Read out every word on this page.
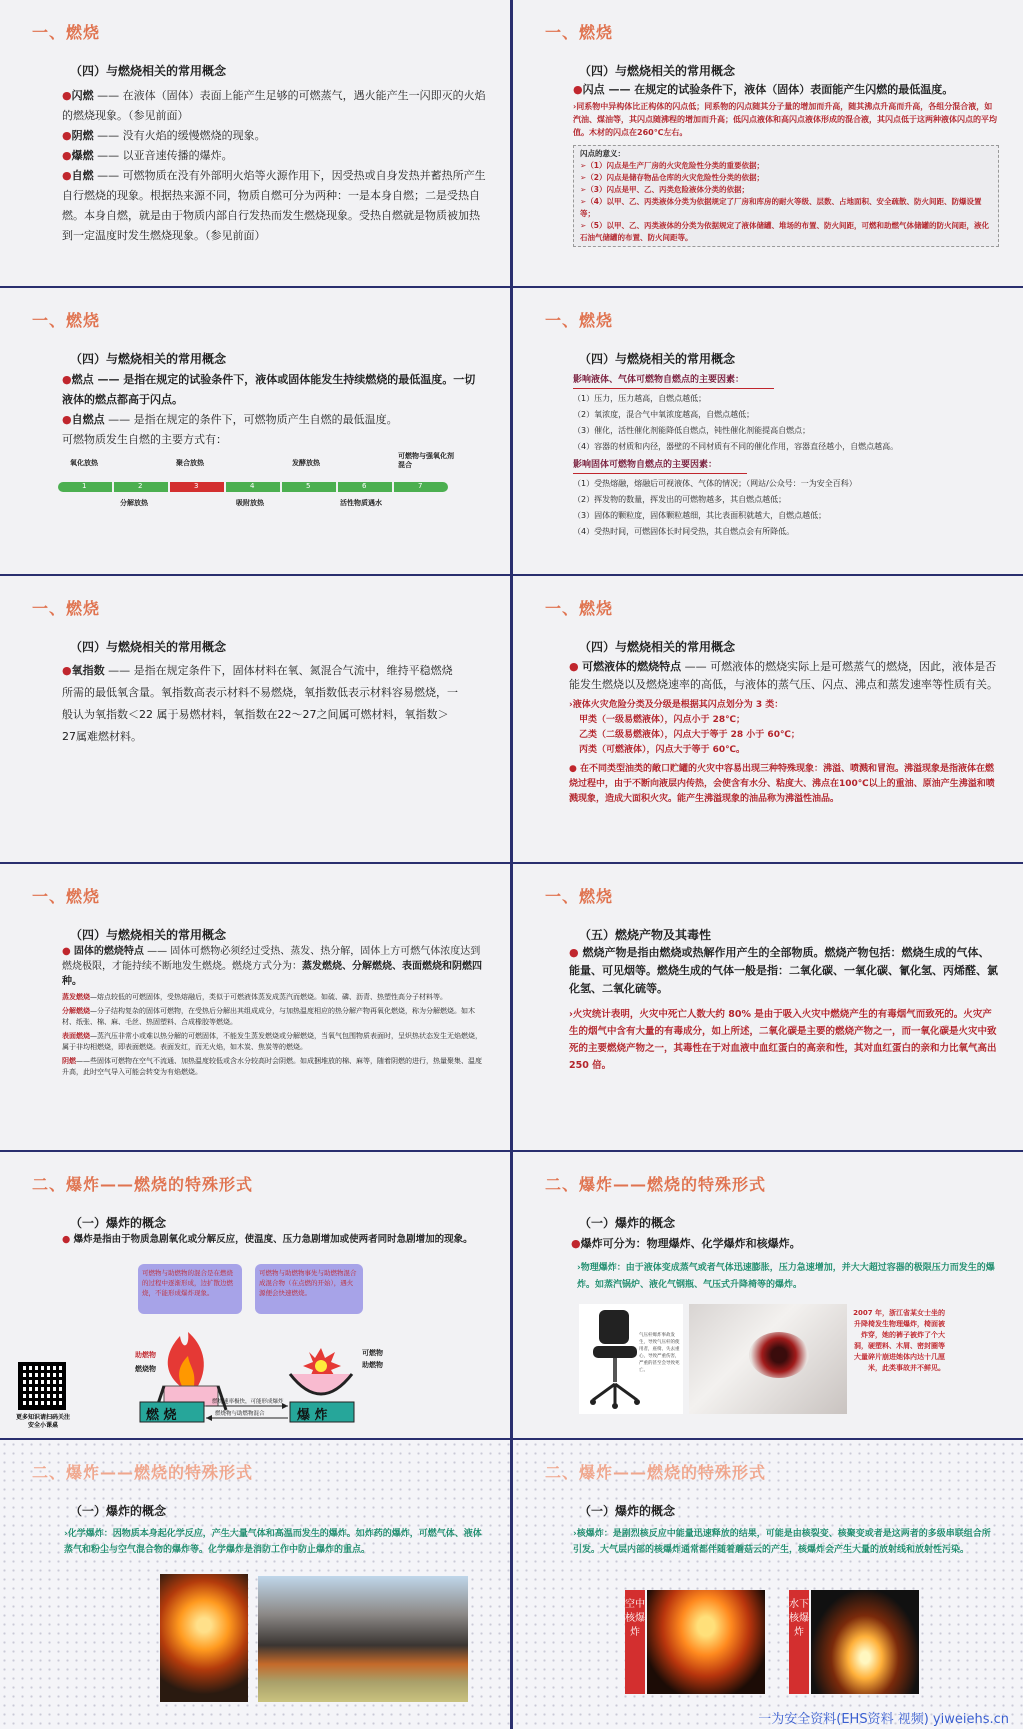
一、燃烧
（四）与燃烧相关的常用概念
●闪燃 —— 在液体（固体）表面上能产生足够的可燃蒸气，遇火能产生一闪即灭的火焰的燃烧现象。（参见前面）
●阴燃 —— 没有火焰的缓慢燃烧的现象。
●爆燃 —— 以亚音速传播的爆炸。
●自燃 —— 可燃物质在没有外部明火焰等火源作用下，因受热或自身发热并蓄热所产生自行燃烧的现象。根据热来源不同，物质自燃可分为两种：一是本身自燃；二是受热自燃。本身自燃，就是由于物质内部自行发热而发生燃烧现象。受热自燃就是物质被加热到一定温度时发生燃烧现象。（参见前面）
一、燃烧
（四）与燃烧相关的常用概念
●闪点 —— 在规定的试验条件下，液体（固体）表面能产生闪燃的最低温度。
›同系物中异构体比正构体的闪点低；同系物的闪点随其分子量的增加而升高，随其沸点升高而升高，各组分混合液，如汽油、煤油等，其闪点随沸程的增加而升高；低闪点液体和高闪点液体形成的混合液，其闪点低于这两种液体闪点的平均值。木材的闪点在260℃左右。
闪点的意义：
➢（1）闪点是生产厂房的火灾危险性分类的重要依据；
➢（2）闪点是储存物品仓库的火灾危险性分类的依据；
➢（3）闪点是甲、乙、丙类危险液体分类的依据；
➢（4）以甲、乙、丙类液体分类为依据规定了厂房和库房的耐火等级、层数、占地面积、安全疏散、防火间距、防爆设置等；
➢（5）以甲、乙、丙类液体的分类为依据规定了液体储罐、堆场的布置、防火间距，可燃和助燃气体储罐的防火间距，液化石油气储罐的布置、防火间距等。
一、燃烧
（四）与燃烧相关的常用概念
●燃点 —— 是指在规定的试验条件下，液体或固体能发生持续燃烧的最低温度。一切液体的燃点都高于闪点。
●自燃点 —— 是指在规定的条件下，可燃物质产生自燃的最低温度。
可燃物质发生自燃的主要方式有：
氧化放热	聚合放热	发酵放热
可燃物与强氧化剂混合
1	2	3	4	5	6	7
分解放热	吸附放热	活性物质遇水
一、燃烧
（四）与燃烧相关的常用概念
影响液体、气体可燃物自燃点的主要因素：
（1）压力，压力越高，自燃点越低；
（2）氧浓度，混合气中氧浓度越高，自燃点越低；
（3）催化，活性催化剂能降低自燃点，钝性催化剂能提高自燃点；
（4）容器的材质和内径，器壁的不同材质有不同的催化作用，容器直径越小，自燃点越高。
影响固体可燃物自燃点的主要因素：
（1）受热熔融，熔融后可视液体、气体的情况；（网站/公众号：一为安全百科）
（2）挥发物的数量，挥发出的可燃物越多，其自燃点越低；
（3）固体的颗粒度，固体颗粒越细，其比表面积就越大，自燃点越低；
（4）受热时间，可燃固体长时间受热，其自燃点会有所降低。
一、燃烧
（四）与燃烧相关的常用概念
●氧指数 —— 是指在规定条件下，固体材料在氧、氮混合气流中，维持平稳燃烧所需的最低氧含量。氧指数高表示材料不易燃烧，氧指数低表示材料容易燃烧，一般认为氧指数＜22 属于易燃材料，氧指数在22～27之间属可燃材料，氧指数＞27属难燃材料。
一、燃烧
（四）与燃烧相关的常用概念
● 可燃液体的燃烧特点 —— 可燃液体的燃烧实际上是可燃蒸气的燃烧，因此，液体是否能发生燃烧以及燃烧速率的高低，与液体的蒸气压、闪点、沸点和蒸发速率等性质有关。
›液体火灾危险分类及分级是根据其闪点划分为 3 类：
甲类（一级易燃液体），闪点小于 28℃；
乙类（二级易燃液体），闪点大于等于 28 小于 60℃；
丙类（可燃液体），闪点大于等于 60℃。
● 在不同类型油类的敞口贮罐的火灾中容易出现三种特殊现象：沸溢、喷溅和冒泡。沸溢现象是指液体在燃烧过程中，由于不断向液层内传热，会使含有水分、粘度大、沸点在100℃以上的重油、原油产生沸溢和喷溅现象，造成大面积火灾。能产生沸溢现象的油品称为沸溢性油品。
一、燃烧
（四）与燃烧相关的常用概念
● 固体的燃烧特点 —— 固体可燃物必须经过受热、蒸发、热分解，固体上方可燃气体浓度达到燃烧极限，才能持续不断地发生燃烧。燃烧方式分为：蒸发燃烧、分解燃烧、表面燃烧和阴燃四种。
蒸发燃烧—熔点较低的可燃固体，受热熔融后，类似于可燃液体蒸发成蒸汽而燃烧。如硫、磷、沥青、热塑性高分子材料等。
分解燃烧—分子结构复杂的固体可燃物，在受热后分解出其组成成分，与加热温度相应的热分解产物再氧化燃烧，称为分解燃烧。如木材、纸张、棉、麻、毛丝、热固塑料、合成橡胶等燃烧。
表面燃烧—蒸汽压非常小或难以热分解的可燃固体，不能发生蒸发燃烧或分解燃烧，当氧气包围物质表面时，呈炽热状态发生无焰燃烧，属于非均相燃烧，即表面燃烧。表面发红，而无火焰，如木炭、焦炭等的燃烧。
阴燃——些固体可燃物在空气不流通、加热温度较低或含水分较高时会阴燃。如成捆堆放的棉、麻等，随着阴燃的进行，热量聚集、温度升高，此时空气导入可能会转变为有焰燃烧。
一、燃烧
（五）燃烧产物及其毒性
● 燃烧产物是指由燃烧或热解作用产生的全部物质。燃烧产物包括：燃烧生成的气体、能量、可见烟等。燃烧生成的气体一般是指：二氧化碳、一氧化碳、氰化氢、丙烯醛、氯化氢、二氧化硫等。
›火灾统计表明，火灾中死亡人数大约 80% 是由于吸入火灾中燃烧产生的有毒烟气而致死的。火灾产生的烟气中含有大量的有毒成分，如上所述，二氧化碳是主要的燃烧产物之一，而一氧化碳是火灾中致死的主要燃烧产物之一，其毒性在于对血液中血红蛋白的高亲和性，其对血红蛋白的亲和力比氧气高出 250 倍。
二、爆炸——燃烧的特殊形式
（一）爆炸的概念
● 爆炸是指由于物质急剧氧化或分解反应，使温度、压力急剧增加或使两者同时急剧增加的现象。
可燃物与助燃物的混合是在燃烧的过程中逐渐形成，边扩散边燃烧，不能形成爆炸现象。
可燃物与助燃物事先与助燃物混合成混合物（在点燃的开始），遇火源便会快速燃烧。
助燃物
燃烧物
可燃物
助燃物
燃 烧	爆 炸
燃烧速率极快，可能形成爆炸
燃烧物与助燃物混合
更多知识请扫码关注
安全小课桌
二、爆炸——燃烧的特殊形式
（一）爆炸的概念
●爆炸可分为：物理爆炸、化学爆炸和核爆炸。
›物理爆炸：由于液体变成蒸气或者气体迅速膨胀，压力急速增加，并大大超过容器的极限压力而发生的爆炸。如蒸汽锅炉、液化气钢瓶、气压式升降椅等的爆炸。
气压杆爆炸事故发生，导致气压杆的使用者，座椅、失去重心，导致严重伤害，严重的甚至会导致死亡。
2007 年，浙江省某女士坐的升降椅发生物理爆炸，椅面被炸穿，她的裤子被炸了个大洞，硬塑料、木屑、密封圈等大量碎片崩进她体内达十几厘米，此类事故并不鲜见。
二、爆炸——燃烧的特殊形式
（一）爆炸的概念
›化学爆炸：因物质本身起化学反应，产生大量气体和高温而发生的爆炸。如炸药的爆炸，可燃气体、液体蒸气和粉尘与空气混合物的爆炸等。化学爆炸是消防工作中防止爆炸的重点。
二、爆炸——燃烧的特殊形式
（一）爆炸的概念
›核爆炸：是剧烈核反应中能量迅速释放的结果，可能是由核裂变、核聚变或者是这两者的多级串联组合所引发。大气层内部的核爆炸通常都伴随着蘑菇云的产生，核爆炸会产生大量的放射线和放射性污染。
空中核爆炸
水下核爆炸
一为安全资料(EHS资料 视频) yiweiehs.cn
